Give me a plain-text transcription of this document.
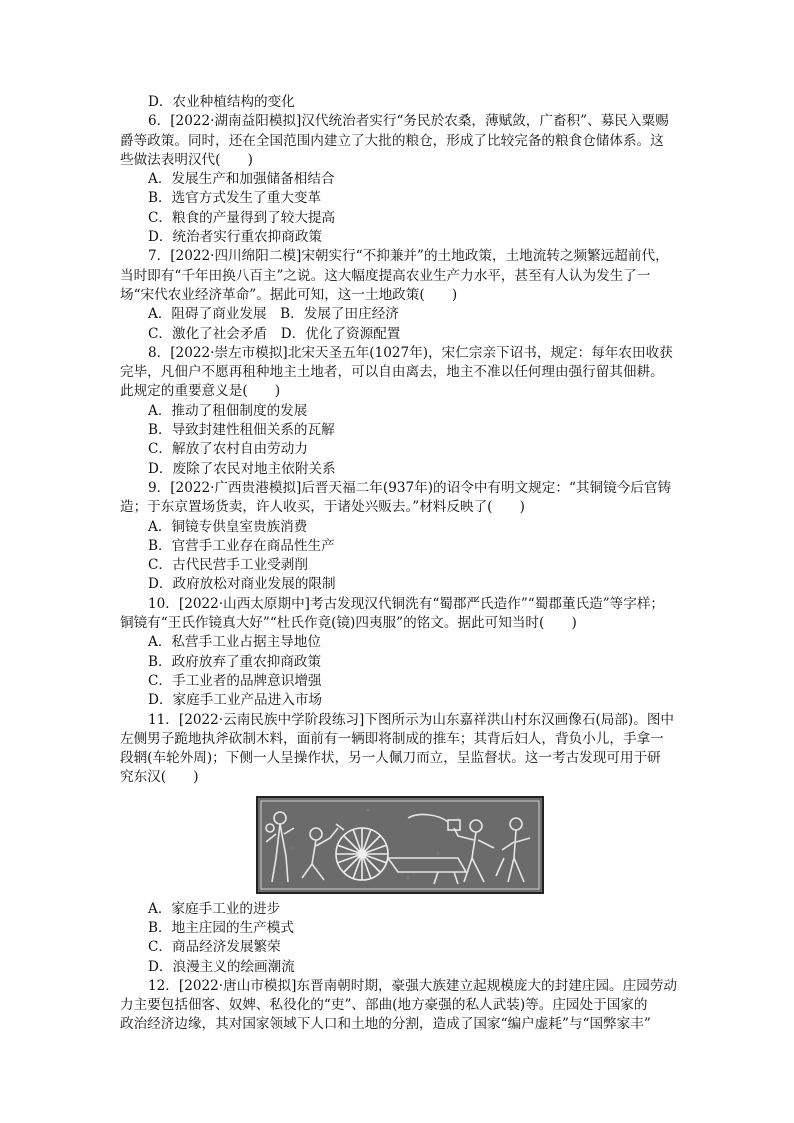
D．农业种植结构的变化
6．[2022·湖南益阳模拟]汉代统治者实行“务民於农桑，薄赋敛，广畜积”、募民入粟赐
爵等政策。同时，还在全国范围内建立了大批的粮仓，形成了比较完备的粮食仓储体系。这
些做法表明汉代(　　)
A．发展生产和加强储备相结合
B．选官方式发生了重大变革
C．粮食的产量得到了较大提高
D．统治者实行重农抑商政策
7．[2022·四川绵阳二模]宋朝实行“不抑兼并”的土地政策，土地流转之频繁远超前代，
当时即有“千年田换八百主”之说。这大幅度提高农业生产力水平，甚至有人认为发生了一
场“宋代农业经济革命”。据此可知，这一土地政策(　　)
A．阻碍了商业发展　B．发展了田庄经济
C．激化了社会矛盾　D．优化了资源配置
8．[2022·崇左市模拟]北宋天圣五年(1027年)，宋仁宗亲下诏书，规定：每年农田收获
完毕，凡佃户不愿再租种地主土地者，可以自由离去，地主不准以任何理由强行留其佃耕。
此规定的重要意义是(　　)
A．推动了租佃制度的发展
B．导致封建性租佃关系的瓦解
C．解放了农村自由劳动力
D．废除了农民对地主依附关系
9．[2022·广西贵港模拟]后晋天福二年(937年)的诏令中有明文规定：“其铜镜今后官铸
造；于东京置场货卖，许人收买，于诸处兴贩去。”材料反映了(　　)
A．铜镜专供皇室贵族消费
B．官营手工业存在商品性生产
C．古代民营手工业受剥削
D．政府放松对商业发展的限制
10．[2022·山西太原期中]考古发现汉代铜洗有“蜀郡严氏造作”“蜀郡董氏造”等字样；
铜镜有“王氏作镜真大好”“杜氏作竟(镜)四夷服”的铭文。据此可知当时(　　)
A．私营手工业占据主导地位
B．政府放弃了重农抑商政策
C．手工业者的品牌意识增强
D．家庭手工业产品进入市场
11．[2022·云南民族中学阶段练习]下图所示为山东嘉祥洪山村东汉画像石(局部)。图中
左侧男子跪地执斧砍制木料，面前有一辆即将制成的推车；其背后妇人，背负小儿，手拿一
段辋(车轮外周)；下侧一人呈操作状，另一人佩刀而立，呈监督状。这一考古发现可用于研
究东汉(　　)
A．家庭手工业的进步
B．地主庄园的生产模式
C．商品经济发展繁荣
D．浪漫主义的绘画潮流
12．[2022·唐山市模拟]东晋南朝时期，豪强大族建立起规模庞大的封建庄园。庄园劳动
力主要包括佃客、奴婢、私役化的“吏”、部曲(地方豪强的私人武装)等。庄园处于国家的
政治经济边缘，其对国家领域下人口和土地的分割，造成了国家“编户虚耗”与“国弊家丰”
